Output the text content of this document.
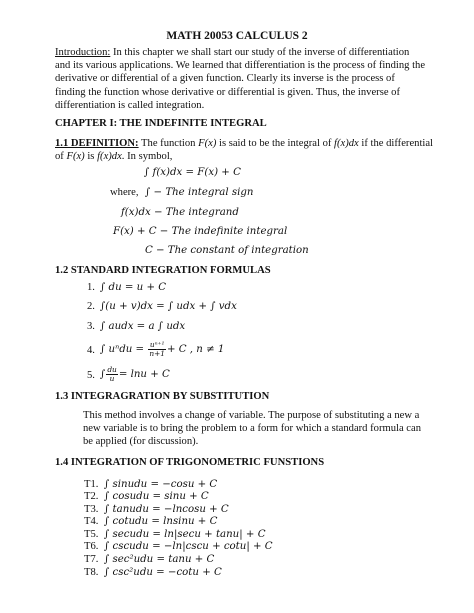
MATH 20053 CALCULUS 2
Introduction: In this chapter we shall start our study of the inverse of differentiation and its various applications. We learned that differentiation is the process of finding the derivative or differential of a given function. Clearly its inverse is the process of finding the function whose derivative or differential is given. Thus, the inverse of differentiation is called integration.
CHAPTER I: THE INDEFINITE INTEGRAL
1.1 DEFINITION: The function F(x) is said to be the integral of f(x)dx if the differential
of F(x) is f(x)dx. In symbol,
∫ f(x)dx = F(x) + C
where, ∫ − The integral sign
f(x)dx − The integrand
F(x) + C − The indefinite integral
C − The constant of integration
1.2 STANDARD INTEGRATION FORMULAS
1. ∫ du = u + C
2. ∫(u + v)dx = ∫ udx + ∫ vdx
3. ∫ audx = a ∫ udx
4. ∫ $u^ndu = \frac{\text{uⁿ⁺¹}}{n+1} + C$ , n ≠ 1
5. ∫ $\frac{du}{u} = \ln u + C$
1.3 INTEGRAGRATION BY SUBSTITUTION
This method involves a change of variable. The purpose of substituting a new a new variable is to bring the problem to a form for which a standard formula can be applied (for discussion).
1.4 INTEGRATION OF TRIGONOMETRIC FUNSTIONS
T1. ∫ sinudu = −cosu + C
T2. ∫ cosudu = sinu + C
T3. ∫ tanudu = −lncosu + C
T4. ∫ cotudu = lnsinu + C
T5. ∫ secudu = ln|secu + tanu| + C
T6. ∫ cscudu = −ln|cscu + cotu| + C
T7. ∫ sec²udu = tanu + C
T8. ∫ csc²udu = −cotu + C
